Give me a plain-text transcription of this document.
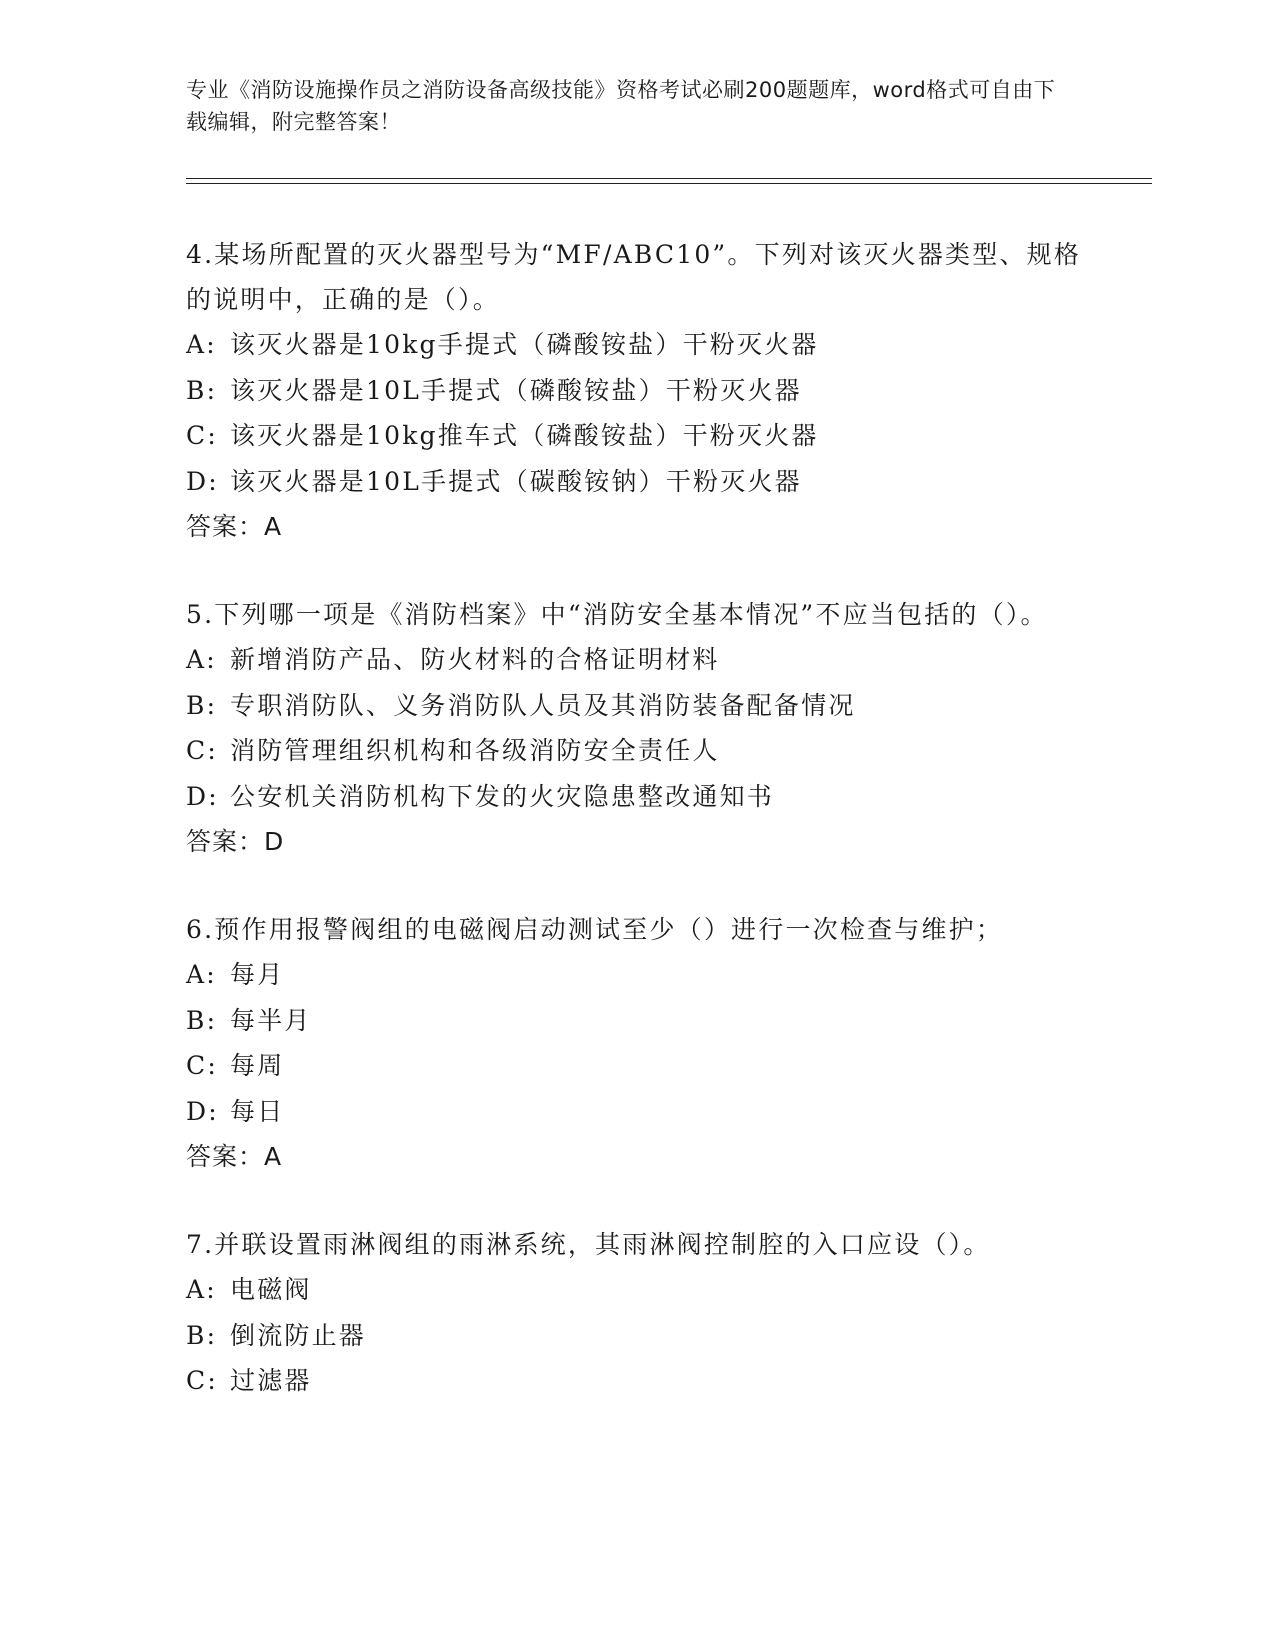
专业《消防设施操作员之消防设备高级技能》资格考试必刷200题题库，word格式可自由下载编辑，附完整答案！

4.某场所配置的灭火器型号为“MF/ABC10”。下列对该灭火器类型、规格的说明中，正确的是（）。

A: 该灭火器是10kg手提式（磷酸铵盐）干粉灭火器

B: 该灭火器是10L手提式（磷酸铵盐）干粉灭火器

C: 该灭火器是10kg推车式（磷酸铵盐）干粉灭火器

D: 该灭火器是10L手提式（碳酸铵钠）干粉灭火器

答案：A

5.下列哪一项是《消防档案》中“消防安全基本情况”不应当包括的（）。

A: 新增消防产品、防火材料的合格证明材料

B: 专职消防队、义务消防队人员及其消防装备配备情况

C: 消防管理组织机构和各级消防安全责任人

D: 公安机关消防机构下发的火灾隐患整改通知书

答案：D

6.预作用报警阀组的电磁阀启动测试至少（）进行一次检查与维护；

A: 每月

B: 每半月

C: 每周

D: 每日

答案：A

7.并联设置雨淋阀组的雨淋系统，其雨淋阀控制腔的入口应设（）。

A: 电磁阀

B: 倒流防止器

C: 过滤器
